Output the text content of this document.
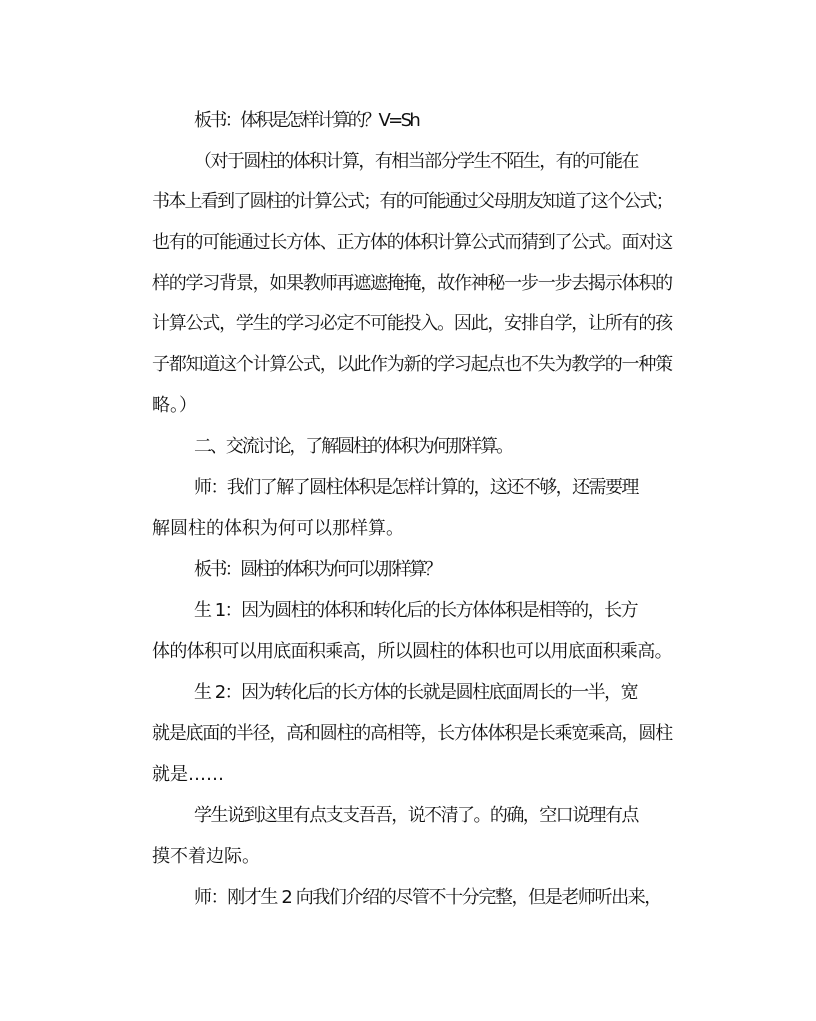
板书：体积是怎样计算的？V=Sh
（对于圆柱的体积计算，有相当部分学生不陌生，有的可能在
书本上看到了圆柱的计算公式；有的可能通过父母朋友知道了这个公式；
也有的可能通过长方体、正方体的体积计算公式而猜到了公式。面对这
样的学习背景，如果教师再遮遮掩掩，故作神秘一步一步去揭示体积的
计算公式，学生的学习必定不可能投入。因此，安排自学，让所有的孩
子都知道这个计算公式，以此作为新的学习起点也不失为教学的一种策
略。）
二、交流讨论，了解圆柱的体积为何那样算。
师：我们了解了圆柱体积是怎样计算的，这还不够，还需要理
解圆柱的体积为何可以那样算。
板书：圆柱的体积为何可以那样算？
生 1：因为圆柱的体积和转化后的长方体体积是相等的，长方
体的体积可以用底面积乘高，所以圆柱的体积也可以用底面积乘高。
生 2：因为转化后的长方体的长就是圆柱底面周长的一半，宽
就是底面的半径，高和圆柱的高相等，长方体体积是长乘宽乘高，圆柱
就是……
学生说到这里有点支支吾吾，说不清了。的确，空口说理有点
摸不着边际。
师：刚才生 2 向我们介绍的尽管不十分完整，但是老师听出来，
